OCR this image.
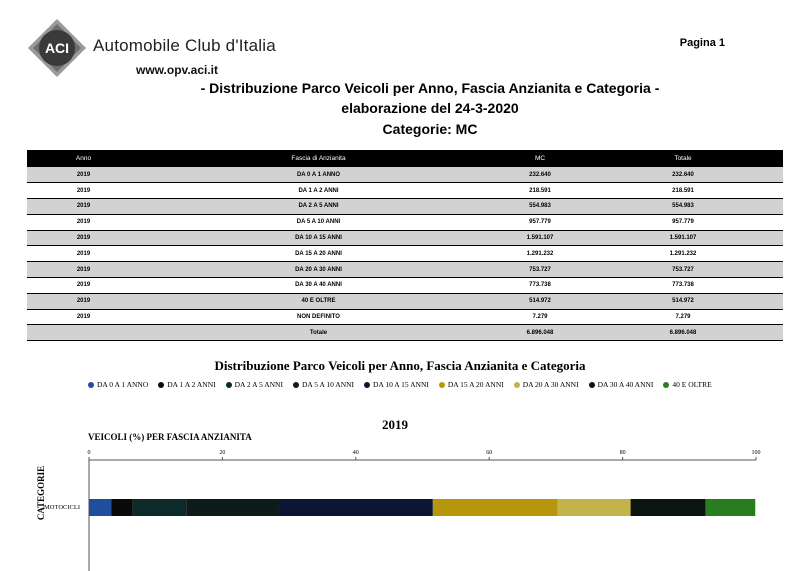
ACI Automobile Club d'Italia
www.opv.aci.it
Pagina 1
- Distribuzione Parco Veicoli per Anno, Fascia Anzianita e Categoria -
elaborazione del 24-3-2020
Categorie: MC
Anno	Fascia di Anzianita	MC	Totale
2019	DA 0 A 1 ANNO	232.640	232.640
2019	DA 1 A 2 ANNI	218.591	218.591
2019	DA 2 A 5 ANNI	554.983	554.983
2019	DA 5 A 10 ANNI	957.779	957.779
2019	DA 10 A 15 ANNI	1.591.107	1.591.107
2019	DA 15 A 20 ANNI	1.291.232	1.291.232
2019	DA 20 A 30 ANNI	753.727	753.727
2019	DA 30 A 40 ANNI	773.738	773.738
2019	40 E OLTRE	514.972	514.972
2019	NON DEFINITO	7.279	7.279
	Totale	6.896.048	6.896.048
Distribuzione Parco Veicoli per Anno, Fascia Anzianita e Categoria
DA 0 A 1 ANNO	DA 1 A 2 ANNI	DA 2 A 5 ANNI	DA 5 A 10 ANNI	DA 10 A 15 ANNI	DA 15 A 20 ANNI	DA 20 A 30 ANNI	DA 30 A 40 ANNI	40 E OLTRE
2019
VEICOLI (%) PER FASCIA ANZIANITA
CATEGORIE
MOTOCICLI
0	20	40	60	80	100
